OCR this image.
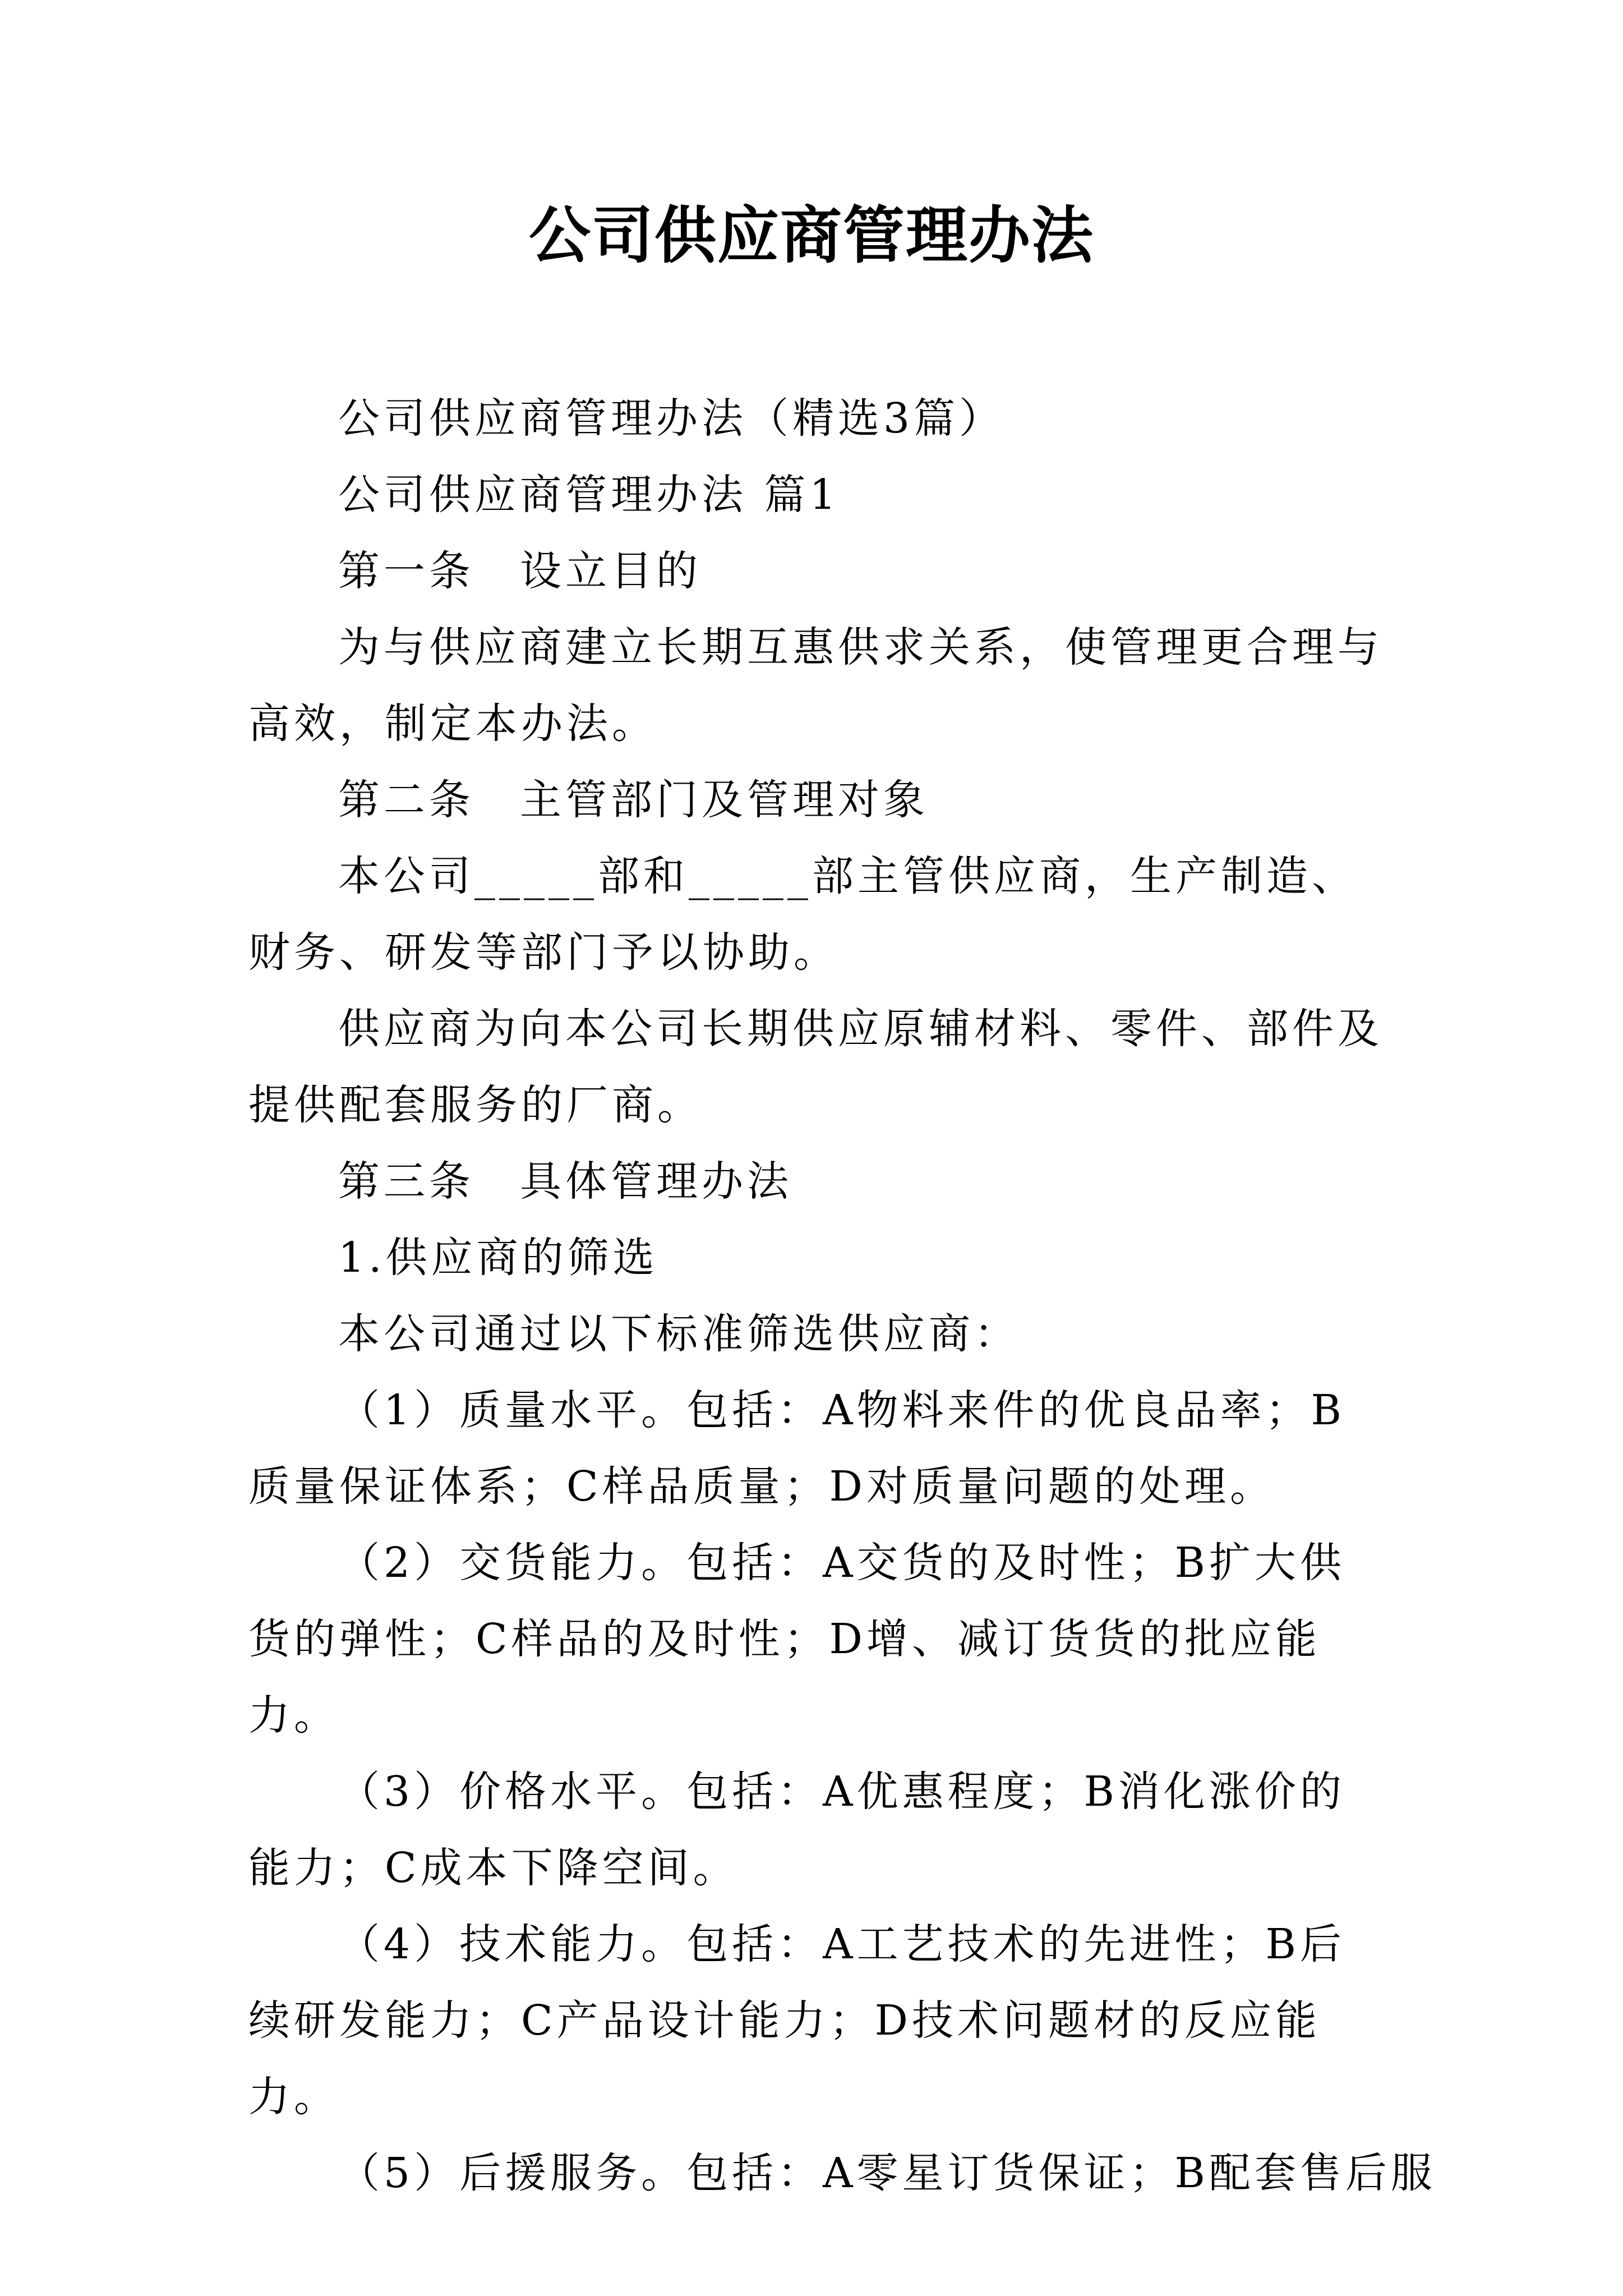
公司供应商管理办法

公司供应商管理办法（精选3篇）

公司供应商管理办法 篇1

第一条　设立目的

为与供应商建立长期互惠供求关系，使管理更合理与高效，制定本办法。

第二条　主管部门及管理对象

本公司_____部和_____部主管供应商，生产制造、财务、研发等部门予以协助。

供应商为向本公司长期供应原辅材料、零件、部件及提供配套服务的厂商。

第三条　具体管理办法

1.供应商的筛选

本公司通过以下标准筛选供应商：

（1）质量水平。包括：A物料来件的优良品率；B质量保证体系；C样品质量；D对质量问题的处理。

（2）交货能力。包括：A交货的及时性；B扩大供货的弹性；C样品的及时性；D增、减订货货的批应能力。

（3）价格水平。包括：A优惠程度；B消化涨价的能力；C成本下降空间。

（4）技术能力。包括：A工艺技术的先进性；B后续研发能力；C产品设计能力；D技术问题材的反应能力。

（5）后援服务。包括：A零星订货保证；B配套售后服
